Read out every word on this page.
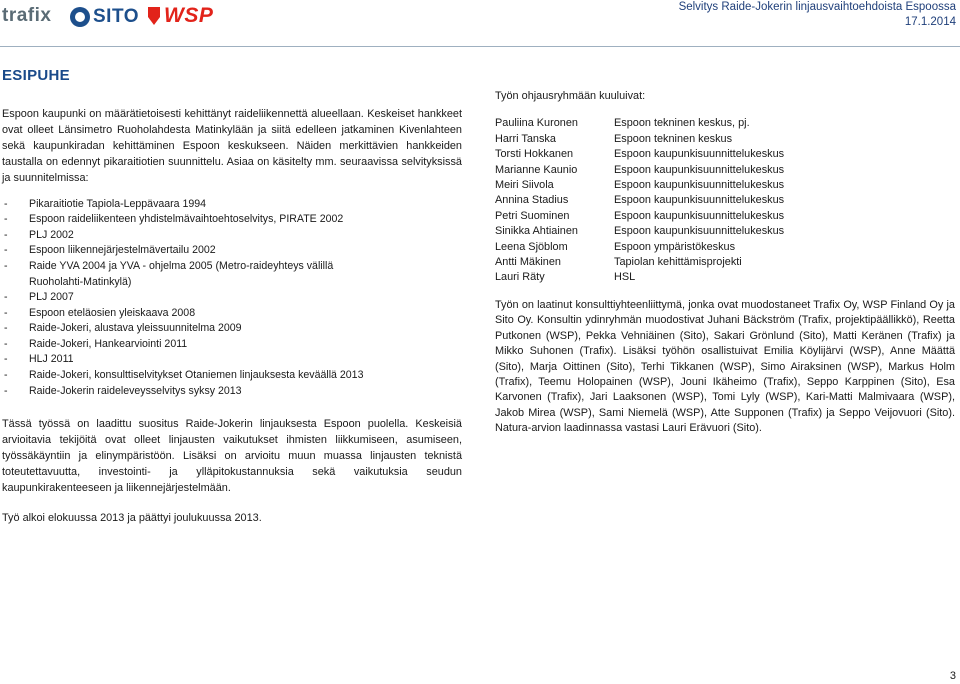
trafix SITO WSP	Selvitys Raide-Jokerin linjausvaihtoehdoista Espoossa
17.1.2014
ESIPUHE

Espoon kaupunki on määrätietoisesti kehittänyt raideliikennettä alueellaan. Keskeiset hankkeet ovat olleet Länsimetro Ruoholahdesta Matinkylään ja siitä edelleen jatkaminen Kivenlahteen sekä kaupunkiradan kehittäminen Espoon keskukseen. Näiden merkittävien hankkeiden taustalla on edennyt pikaraitiotien suunnittelu. Asiaa on käsitelty mm. seuraavissa selvityksissä ja suunnitelmissa:

- Pikaraitiotie Tapiola-Leppävaara 1994
- Espoon raideliikenteen yhdistelmävaihtoehtoselvitys, PIRATE 2002
- PLJ 2002
- Espoon liikennejärjestelmävertailu 2002
- Raide YVA 2004 ja YVA - ohjelma 2005 (Metro-raideyhteys välillä Ruoholahti-Matinkylä)
- PLJ 2007
- Espoon eteläosien yleiskaava 2008
- Raide-Jokeri, alustava yleissuunnitelma 2009
- Raide-Jokeri, Hankearviointi 2011
- HLJ 2011
- Raide-Jokeri, konsulttiselvitykset Otaniemen linjauksesta keväällä 2013
- Raide-Jokerin raideleveysselvitys syksy 2013

Tässä työssä on laadittu suositus Raide-Jokerin linjauksesta Espoon puolella. Keskeisiä arvioitavia tekijöitä ovat olleet linjausten vaikutukset ihmisten liikkumiseen, asumiseen, työssäkäyntiin ja elinympäristöön. Lisäksi on arvioitu muun muassa linjausten teknistä toteutettavuutta, investointi- ja ylläpitokustannuksia sekä vaikutuksia seudun kaupunkirakenteeseen ja liikennejärjestelmään.

Työ alkoi elokuussa 2013 ja päättyi joulukuussa 2013.

Työn ohjausryhmään kuuluivat:
Pauliina Kuronen	Espoon tekninen keskus, pj.
Harri Tanska	Espoon tekninen keskus
Torsti Hokkanen	Espoon kaupunkisuunnittelukeskus
Marianne Kaunio	Espoon kaupunkisuunnittelukeskus
Meiri Siivola	Espoon kaupunkisuunnittelukeskus
Annina Stadius	Espoon kaupunkisuunnittelukeskus
Petri Suominen	Espoon kaupunkisuunnittelukeskus
Sinikka Ahtiainen	Espoon kaupunkisuunnittelukeskus
Leena Sjöblom	Espoon ympäristökeskus
Antti Mäkinen	Tapiolan kehittämisprojekti
Lauri Räty	HSL

Työn on laatinut konsulttiyhteenliittymä, jonka ovat muodostaneet Trafix Oy, WSP Finland Oy ja Sito Oy. Konsultin ydinryhmän muodostivat Juhani Bäckström (Trafix, projektipäällikkö), Reetta Putkonen (WSP), Pekka Vehniäinen (Sito), Sakari Grönlund (Sito), Matti Keränen (Trafix) ja Mikko Suhonen (Trafix). Lisäksi työhön osallistuivat Emilia Köylijärvi (WSP), Anne Määttä (Sito), Marja Oittinen (Sito), Terhi Tikkanen (WSP), Simo Airaksinen (WSP), Markus Holm (Trafix), Teemu Holopainen (WSP), Jouni Ikäheimo (Trafix), Seppo Karppinen (Sito), Esa Karvonen (Trafix), Jari Laaksonen (WSP), Tomi Lyly (WSP), Kari-Matti Malmivaara (WSP), Jakob Mirea (WSP), Sami Niemelä (WSP), Atte Supponen (Trafix) ja Seppo Veijovuori (Sito). Natura-arvion laadinnassa vastasi Lauri Erävuori (Sito).

3
